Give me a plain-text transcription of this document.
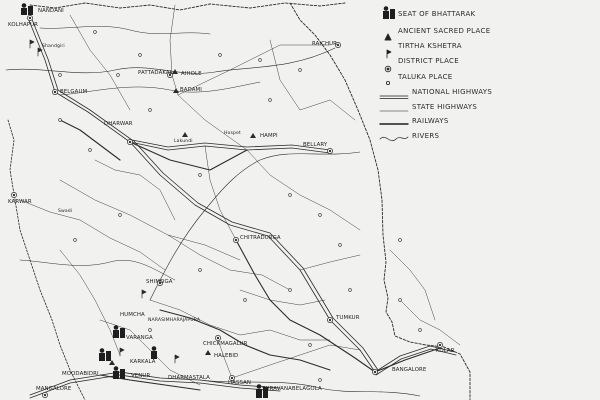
SEAT OF BHATTARAK
ANCIENT SACRED PLACE
TIRTHA KSHETRA
DISTRICT PLACE
TALUKA PLACE
NATIONAL HIGHWAYS
STATE HIGHWAYS
RAILWAYS
RIVERS
NANDANI
KOLHAPUR
Shandgiri
PATTADAKAL AIHOLE
BADAMI
BELGAUM
RAICHUR
DHARWAR
Hospet	HAMPI
Lakundi
BELLARY
KARWAR
Swadi
CHITRADURGA
SHIMOGA
HUMCHA
NARASIMHARAJAPURA
VARANGA
CHICKMAGALUR
HALEBID
TUMKUR
KOLAR
KARKALA
MOODABIDRI	VENUR	DHARMASTALA
HASSAN
BANGALORE
MANGALORE	SHRAVANABELAGOLA
